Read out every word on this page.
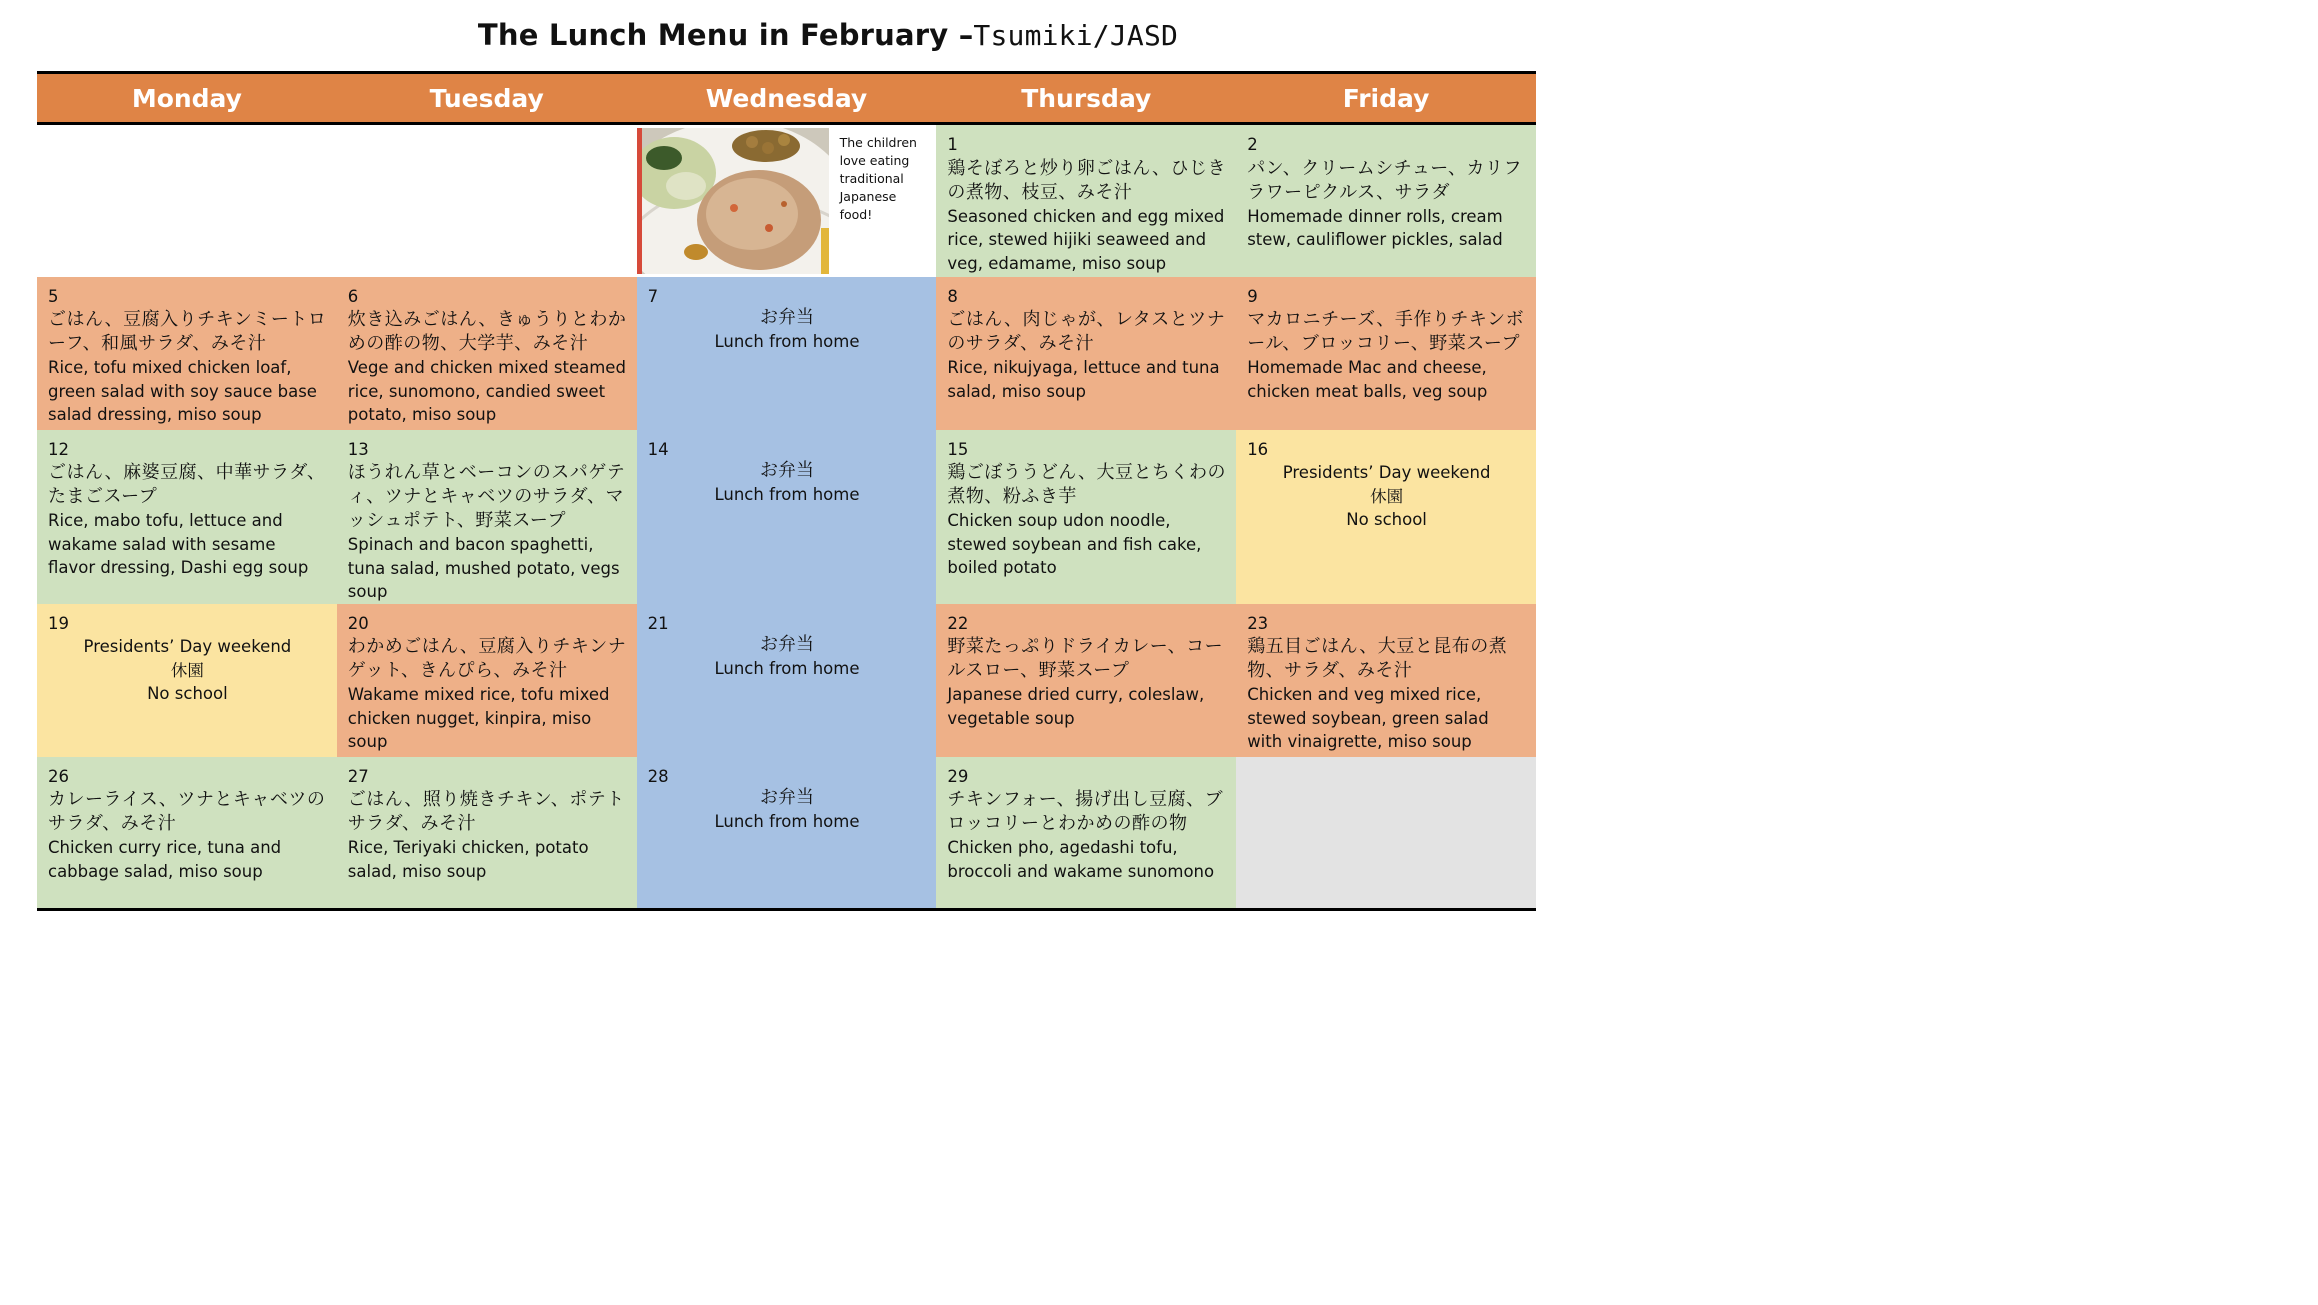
The Lunch Menu in February –Tsumiki/JASD
Monday	Tuesday	Wednesday	Thursday	Friday

		The children love eating traditional Japanese food!	1
鶏そぼろと炒り卵ごはん、ひじきの煮物、枝豆、みそ汁
Seasoned chicken and egg mixed rice, stewed hijiki seaweed and veg, edamame, miso soup	2
パン、クリームシチュー、カリフラワーピクルス、サラダ
Homemade dinner rolls, cream stew, cauliflower pickles, salad

5
ごはん、豆腐入りチキンミートローフ、和風サラダ、みそ汁
Rice, tofu mixed chicken loaf, green salad with soy sauce base salad dressing, miso soup	6
炊き込みごはん、きゅうりとわかめの酢の物、大学芋、みそ汁
Vege and chicken mixed steamed rice, sunomono, candied sweet potato, miso soup	7
お弁当
Lunch from home	8
ごはん、肉じゃが、レタスとツナのサラダ、みそ汁
Rice, nikujyaga, lettuce and tuna salad, miso soup	9
マカロニチーズ、手作りチキンボール、ブロッコリー、野菜スープ
Homemade Mac and cheese, chicken meat balls, veg soup

12
ごはん、麻婆豆腐、中華サラダ、たまごスープ
Rice, mabo tofu, lettuce and wakame salad with sesame flavor dressing, Dashi egg soup	13
ほうれん草とベーコンのスパゲティ、ツナとキャベツのサラダ、マッシュポテト、野菜スープ
Spinach and bacon spaghetti, tuna salad, mushed potato, vegs soup	14
お弁当
Lunch from home	15
鶏ごぼううどん、大豆とちくわの煮物、粉ふき芋
Chicken soup udon noodle, stewed soybean and fish cake, boiled potato	16
Presidents’ Day weekend
休園
No school

19
Presidents’ Day weekend
休園
No school	20
わかめごはん、豆腐入りチキンナゲット、きんぴら、みそ汁
Wakame mixed rice, tofu mixed chicken nugget, kinpira, miso soup	21
お弁当
Lunch from home	22
野菜たっぷりドライカレー、コールスロー、野菜スープ
Japanese dried curry, coleslaw, vegetable soup	23
鶏五目ごはん、大豆と昆布の煮物、サラダ、みそ汁
Chicken and veg mixed rice, stewed soybean, green salad with vinaigrette, miso soup

26
カレーライス、ツナとキャベツのサラダ、みそ汁
Chicken curry rice, tuna and cabbage salad, miso soup	27
ごはん、照り焼きチキン、ポテトサラダ、みそ汁
Rice, Teriyaki chicken, potato salad, miso soup	28
お弁当
Lunch from home	29
チキンフォー、揚げ出し豆腐、ブロッコリーとわかめの酢の物
Chicken pho, agedashi tofu, broccoli and wakame sunomono	
